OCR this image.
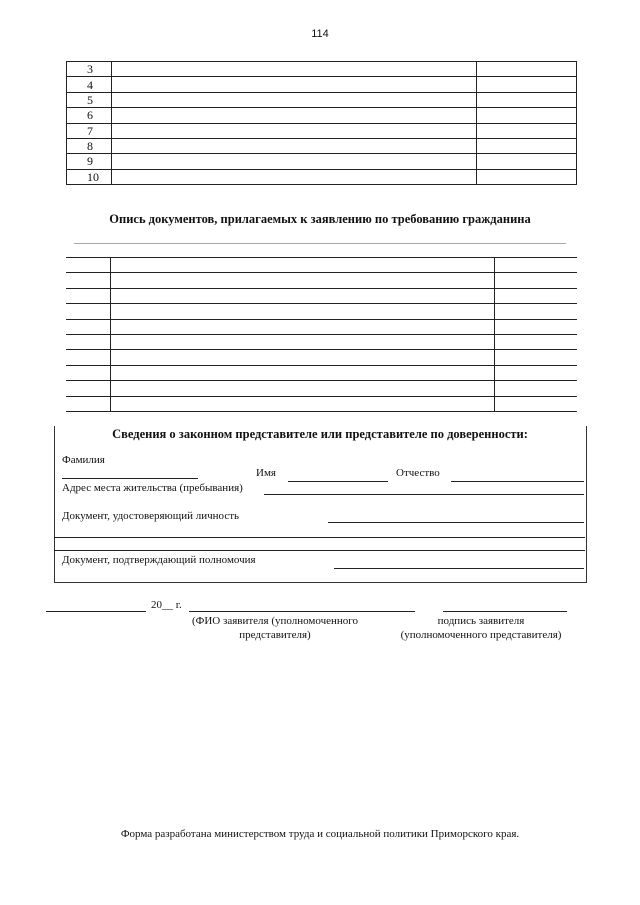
114
3		
4		
5		
6		
7		
8		
9		
10		
Опись документов, прилагаемых к заявлению по требованию гражданина
Сведения о законном представителе или представителе по доверенности:
Фамилия
Имя	Отчество
Адрес места жительства (пребывания)
Документ, удостоверяющий личность
Документ, подтверждающий полномочия
20__ г.
(ФИО заявителя (уполномоченного
представителя)
подпись заявителя
(уполномоченного представителя)
Форма разработана министерством труда и социальной политики Приморского края.
